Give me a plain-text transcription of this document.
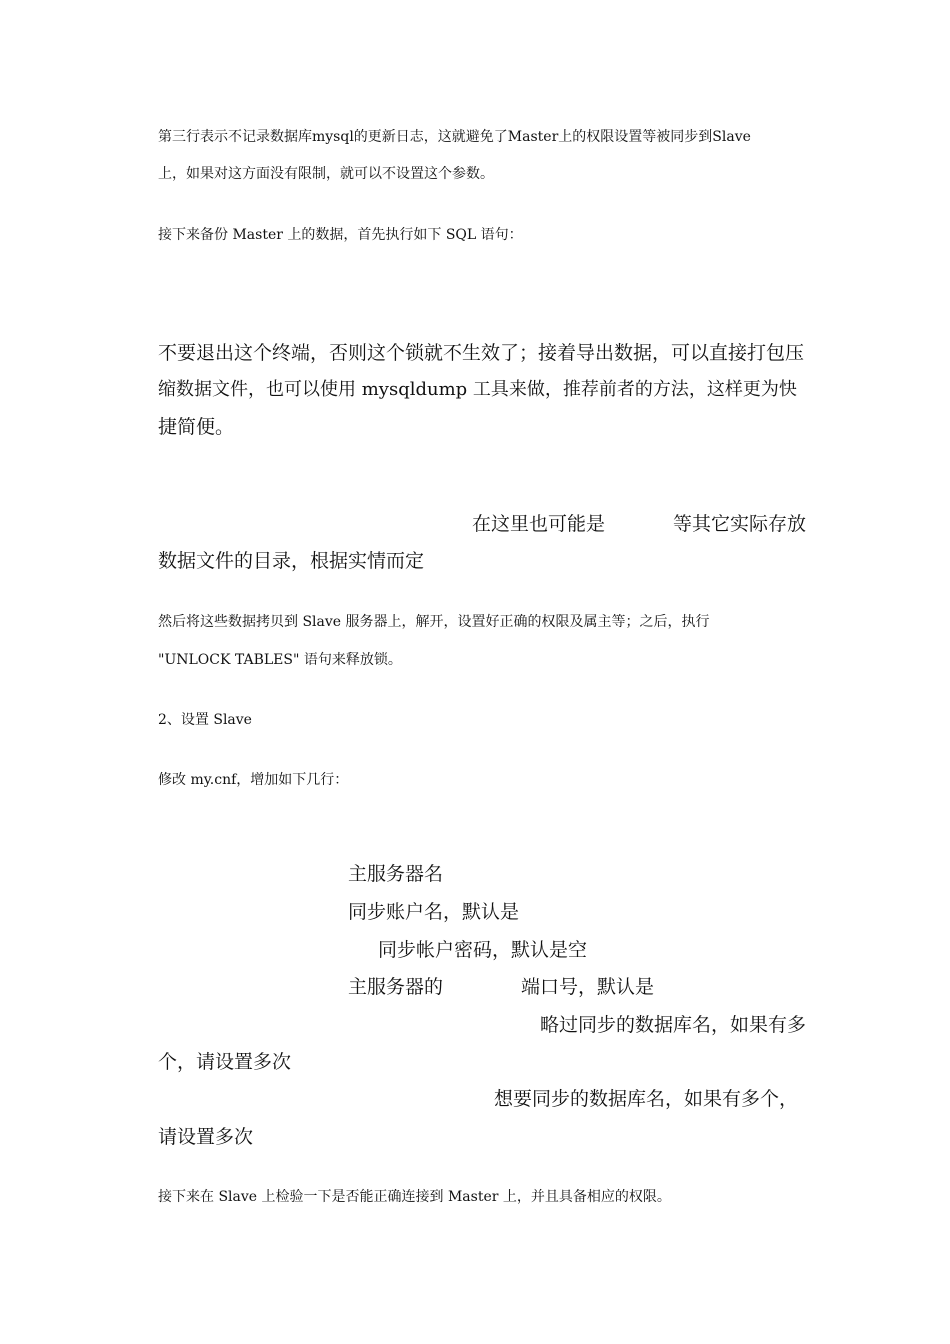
第三行表示不记录数据库mysql的更新日志，这就避免了Master上的权限设置等被同步到Slave

上，如果对这方面没有限制，就可以不设置这个参数。

接下来备份 Master 上的数据，首先执行如下 SQL 语句：

不要退出这个终端，否则这个锁就不生效了；接着导出数据，可以直接打包压

缩数据文件，也可以使用 mysqldump 工具来做，推荐前者的方法，这样更为快

捷简便。

在这里也可能是	等其它实际存放

数据文件的目录，根据实情而定

然后将这些数据拷贝到 Slave 服务器上，解开，设置好正确的权限及属主等；之后，执行

"UNLOCK TABLES" 语句来释放锁。

2、设置 Slave

修改 my.cnf，增加如下几行：

主服务器名

同步账户名，默认是

同步帐户密码，默认是空

主服务器的	端口号，默认是

略过同步的数据库名，如果有多

个，请设置多次

想要同步的数据库名，如果有多个，

请设置多次

接下来在 Slave 上检验一下是否能正确连接到 Master 上，并且具备相应的权限。
